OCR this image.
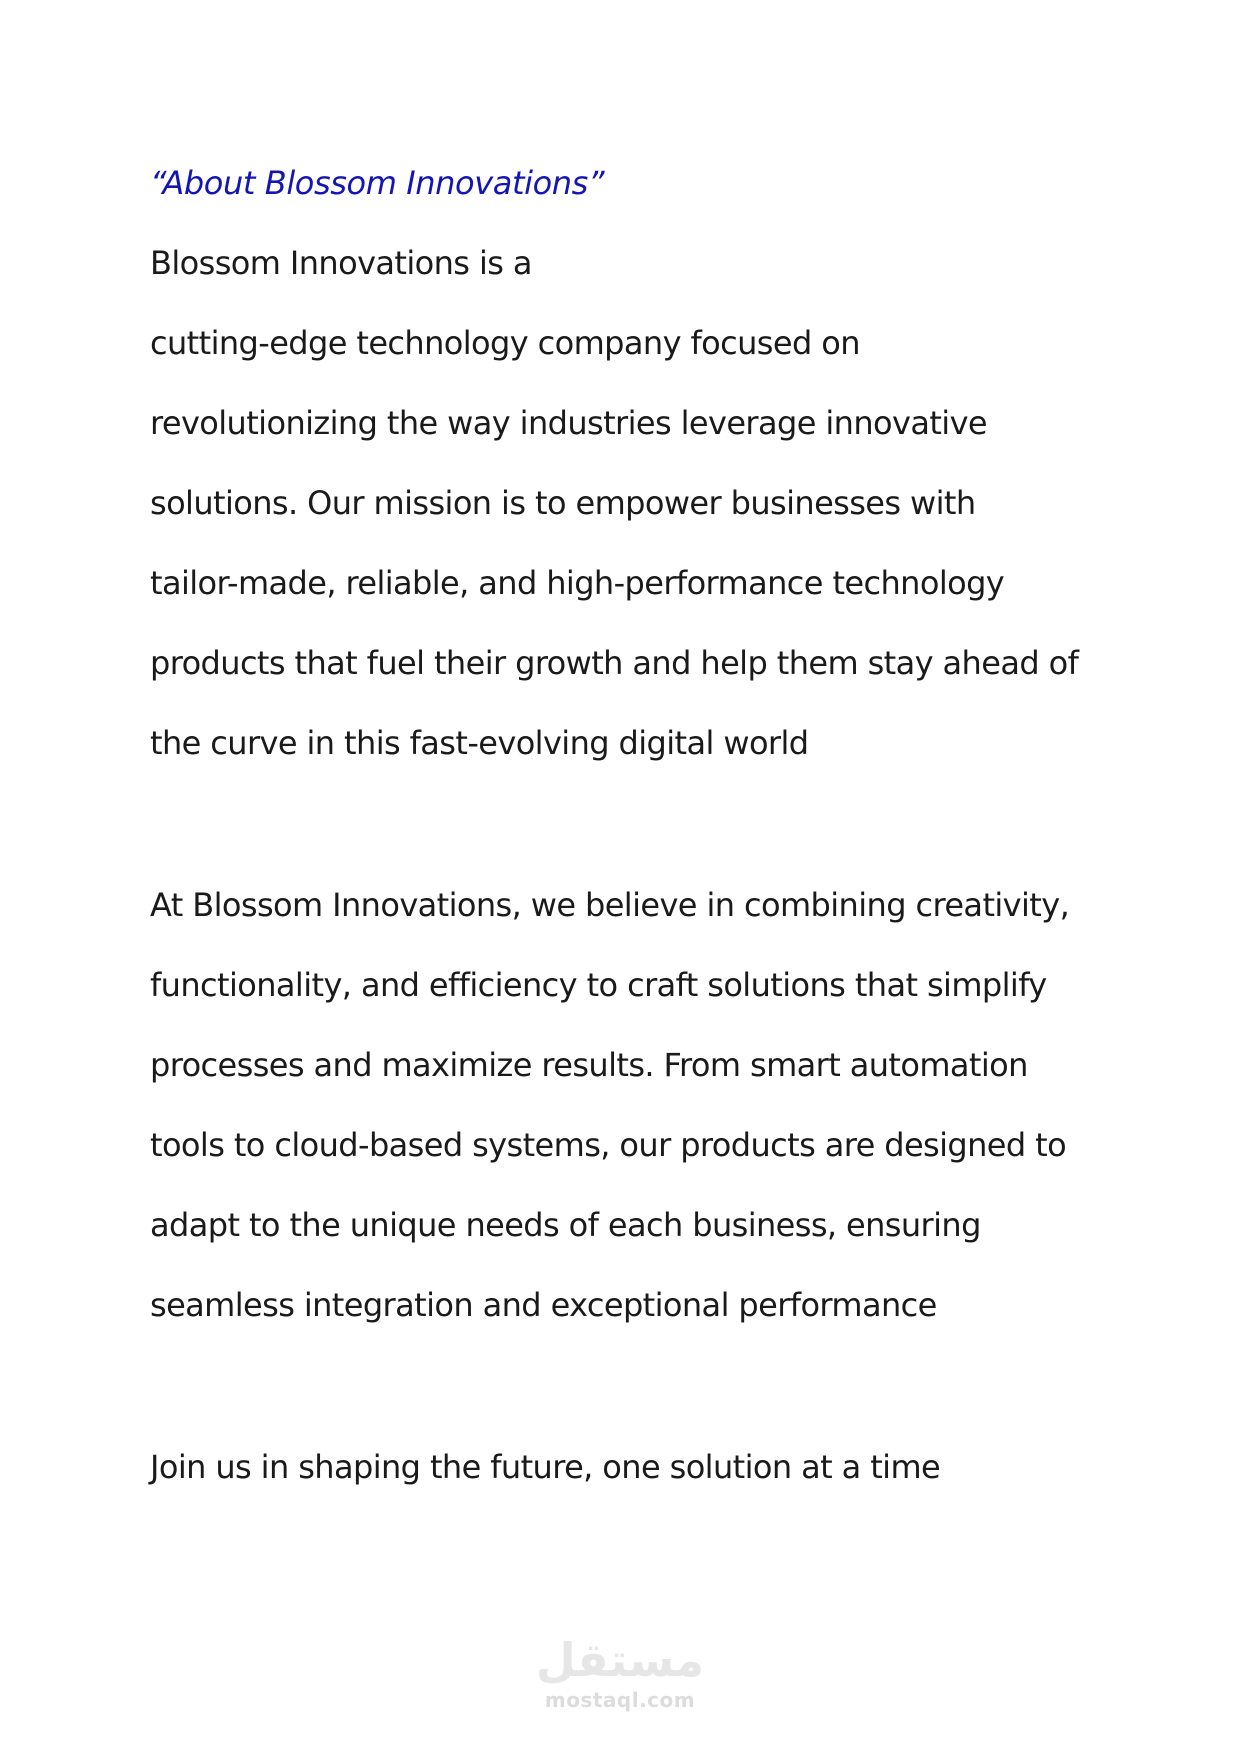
“About Blossom Innovations”
Blossom Innovations is a
cutting-edge technology company focused on
revolutionizing the way industries leverage innovative
solutions. Our mission is to empower businesses with
tailor-made, reliable, and high-performance technology
products that fuel their growth and help them stay ahead of
the curve in this fast-evolving digital world
At Blossom Innovations, we believe in combining creativity,
functionality, and efficiency to craft solutions that simplify
processes and maximize results. From smart automation
tools to cloud-based systems, our products are designed to
adapt to the unique needs of each business, ensuring
seamless integration and exceptional performance
Join us in shaping the future, one solution at a time
مستقل
mostaql.com
